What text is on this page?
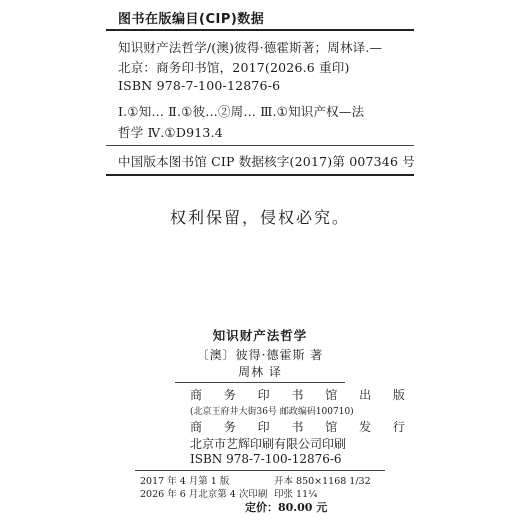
图书在版编目(CIP)数据
知识财产法哲学/(澳)彼得·德霍斯著；周林译.—
北京：商务印书馆，2017(2026.6 重印)
ISBN 978-7-100-12876-6
Ⅰ.①知… Ⅱ.①彼…②周… Ⅲ.①知识产权—法
哲学 Ⅳ.①D913.4
中国版本图书馆 CIP 数据核字(2017)第 007346 号
权利保留，侵权必究。
知识财产法哲学
〔澳〕彼得·德霍斯 著
周林 译
商 务 印 书 馆 出 版
(北京王府井大街36号 邮政编码100710)
商 务 印 书 馆 发 行
北京市艺辉印刷有限公司印刷
ISBN 978-7-100-12876-6
2017 年 4 月第 1 版	开本 850×1168 1/32
2026 年 6 月北京第 4 次印刷 印张 11¼
定价：80.00 元
